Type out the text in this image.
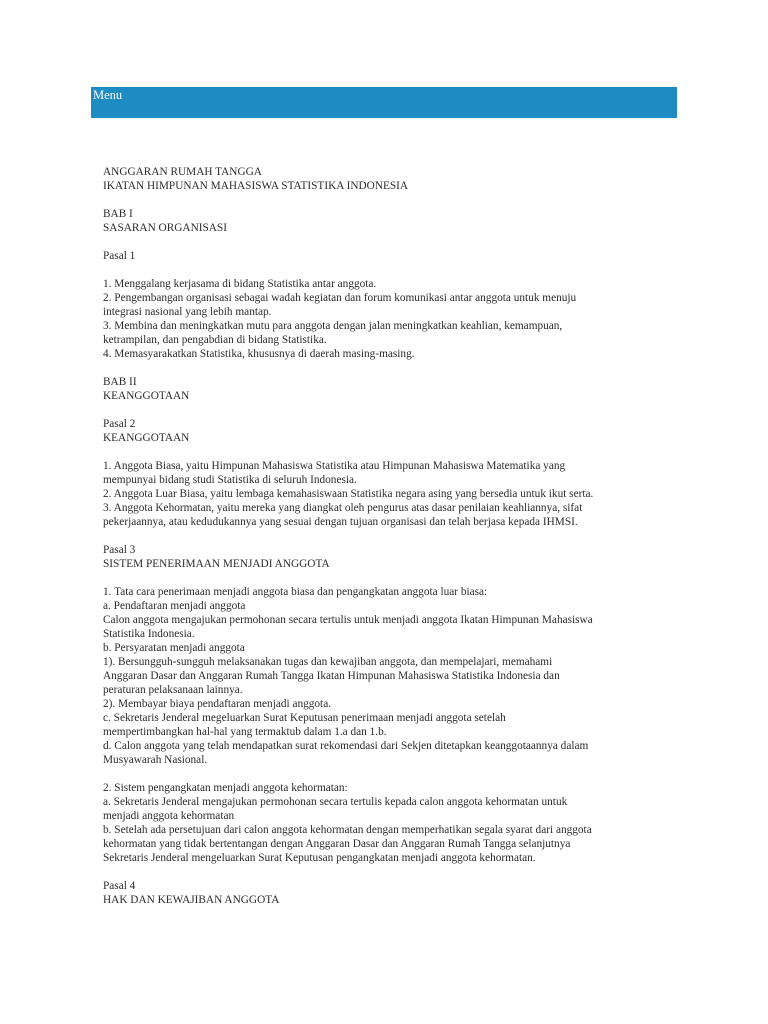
Menu
ANGGARAN RUMAH TANGGA
IKATAN HIMPUNAN MAHASISWA STATISTIKA INDONESIA
BAB I
SASARAN ORGANISASI
Pasal 1
1. Menggalang kerjasama di bidang Statistika antar anggota.
2. Pengembangan organisasi sebagai wadah kegiatan dan forum komunikasi antar anggota untuk menuju
integrasi nasional yang lebih mantap.
3. Membina dan meningkatkan mutu para anggota dengan jalan meningkatkan keahlian, kemampuan,
ketrampilan, dan pengabdian di bidang Statistika.
4. Memasyarakatkan Statistika, khususnya di daerah masing-masing.
BAB II
KEANGGOTAAN
Pasal 2
KEANGGOTAAN
1. Anggota Biasa, yaitu Himpunan Mahasiswa Statistika atau Himpunan Mahasiswa Matematika yang
mempunyai bidang studi Statistika di seluruh Indonesia.
2. Anggota Luar Biasa, yaitu lembaga kemahasiswaan Statistika negara asing yang bersedia untuk ikut serta.
3. Anggota Kehormatan, yaitu mereka yang diangkat oleh pengurus atas dasar penilaian keahliannya, sifat
pekerjaannya, atau kedudukannya yang sesuai dengan tujuan organisasi dan telah berjasa kepada IHMSI.
Pasal 3
SISTEM PENERIMAAN MENJADI ANGGOTA
1. Tata cara penerimaan menjadi anggota biasa dan pengangkatan anggota luar biasa:
a. Pendaftaran menjadi anggota
Calon anggota mengajukan permohonan secara tertulis untuk menjadi anggota Ikatan Himpunan Mahasiswa
Statistika Indonesia.
b. Persyaratan menjadi anggota
1). Bersungguh-sungguh melaksanakan tugas dan kewajiban anggota, dan mempelajari, memahami
Anggaran Dasar dan Anggaran Rumah Tangga Ikatan Himpunan Mahasiswa Statistika Indonesia dan
peraturan pelaksanaan lainnya.
2). Membayar biaya pendaftaran menjadi anggota.
c. Sekretaris Jenderal megeluarkan Surat Keputusan penerimaan menjadi anggota setelah
mempertimbangkan hal-hal yang termaktub dalam 1.a dan 1.b.
d. Calon anggota yang telah mendapatkan surat rekomendasi dari Sekjen ditetapkan keanggotaannya dalam
Musyawarah Nasional.
2. Sistem pengangkatan menjadi anggota kehormatan:
a. Sekretaris Jenderal mengajukan permohonan secara tertulis kepada calon anggota kehormatan untuk
menjadi anggota kehormatan
b. Setelah ada persetujuan dari calon anggota kehormatan dengan memperhatikan segala syarat dari anggota
kehormatan yang tidak bertentangan dengan Anggaran Dasar dan Anggaran Rumah Tangga selanjutnya
Sekretaris Jenderal mengeluarkan Surat Keputusan pengangkatan menjadi anggota kehormatan.
Pasal 4
HAK DAN KEWAJIBAN ANGGOTA
